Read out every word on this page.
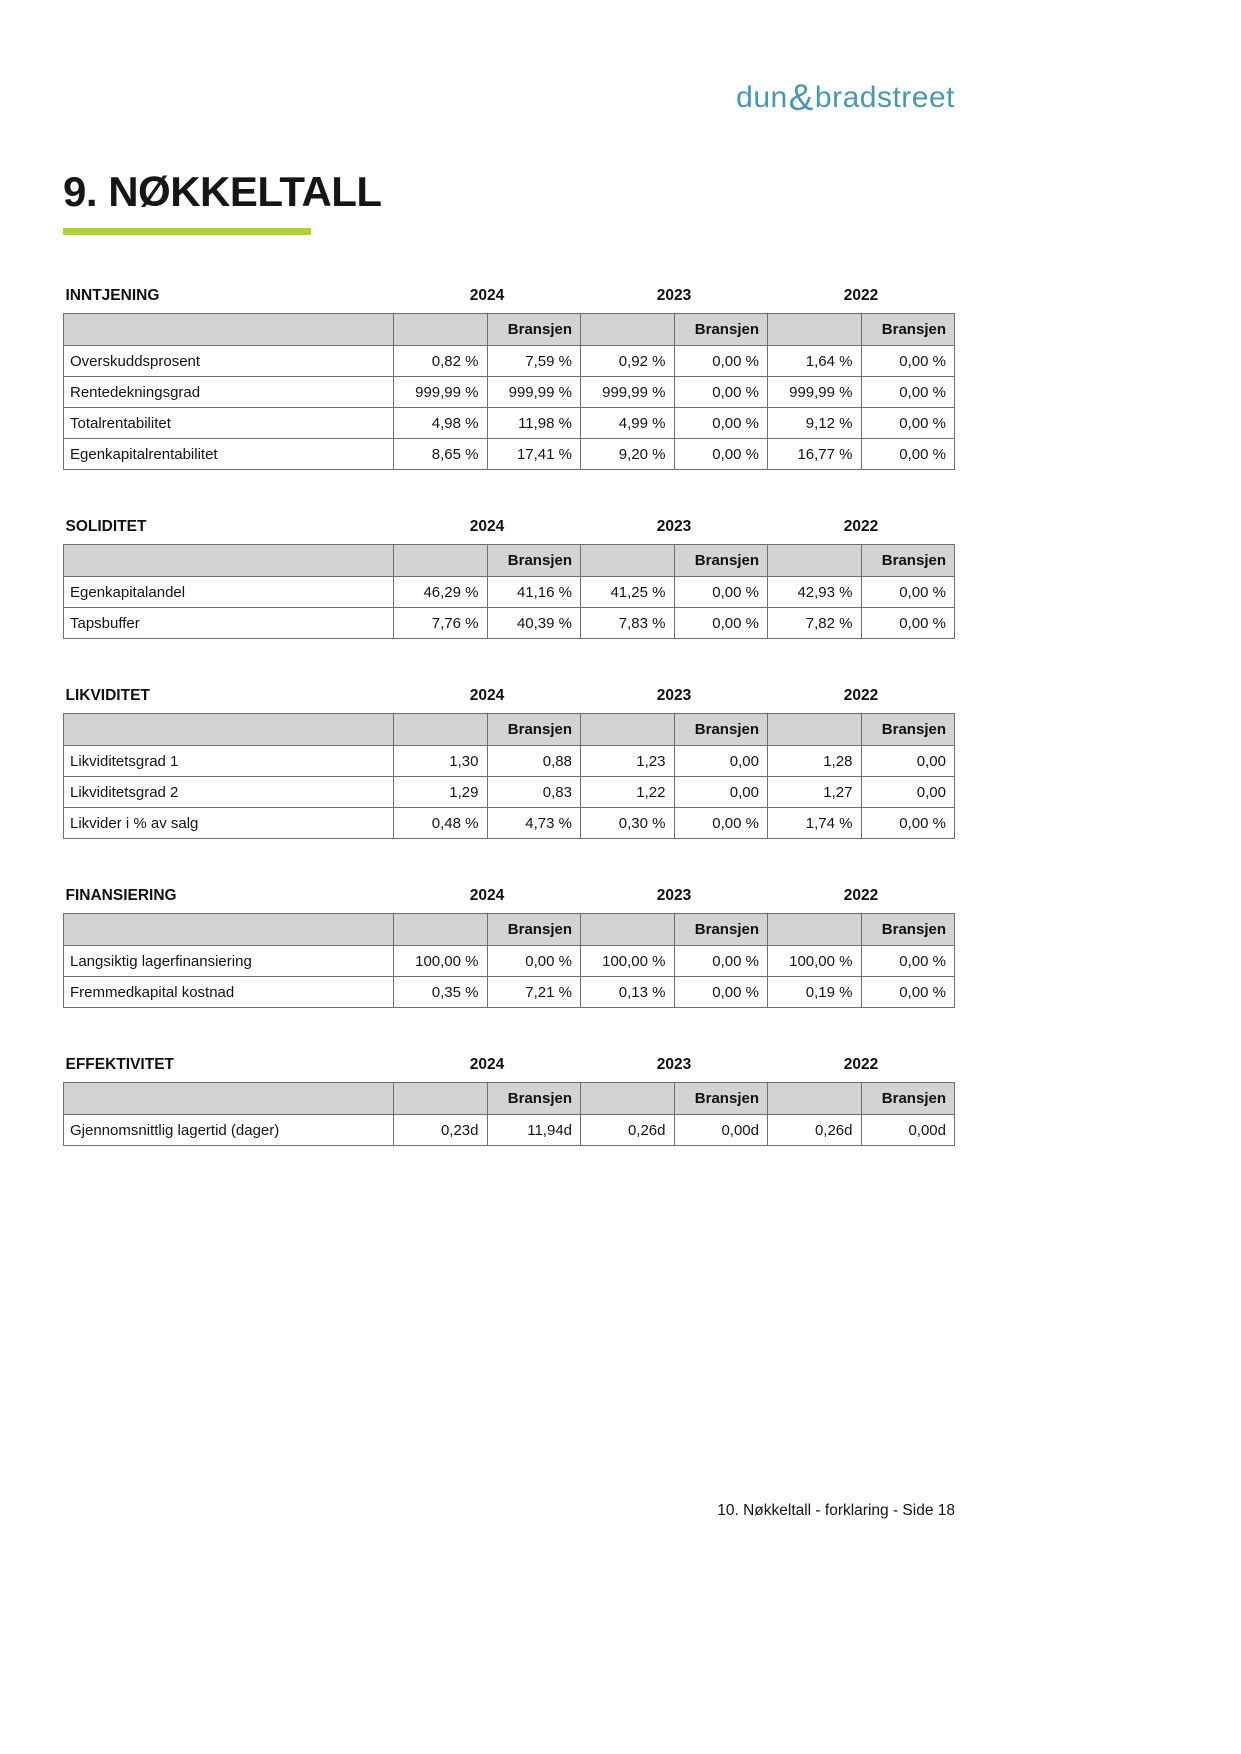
dun&bradstreet
9. NØKKELTALL
INNTJENING	2024		2023		2022	
		Bransjen		Bransjen		Bransjen
Overskuddsprosent	0,82 %	7,59 %	0,92 %	0,00 %	1,64 %	0,00 %
Rentedekningsgrad	999,99 %	999,99 %	999,99 %	0,00 %	999,99 %	0,00 %
Totalrentabilitet	4,98 %	11,98 %	4,99 %	0,00 %	9,12 %	0,00 %
Egenkapitalrentabilitet	8,65 %	17,41 %	9,20 %	0,00 %	16,77 %	0,00 %
SOLIDITET	2024		2023		2022	
		Bransjen		Bransjen		Bransjen
Egenkapitalandel	46,29 %	41,16 %	41,25 %	0,00 %	42,93 %	0,00 %
Tapsbuffer	7,76 %	40,39 %	7,83 %	0,00 %	7,82 %	0,00 %
LIKVIDITET	2024		2023		2022	
		Bransjen		Bransjen		Bransjen
Likviditetsgrad 1	1,30	0,88	1,23	0,00	1,28	0,00
Likviditetsgrad 2	1,29	0,83	1,22	0,00	1,27	0,00
Likvider i % av salg	0,48 %	4,73 %	0,30 %	0,00 %	1,74 %	0,00 %
FINANSIERING	2024		2023		2022	
		Bransjen		Bransjen		Bransjen
Langsiktig lagerfinansiering	100,00 %	0,00 %	100,00 %	0,00 %	100,00 %	0,00 %
Fremmedkapital kostnad	0,35 %	7,21 %	0,13 %	0,00 %	0,19 %	0,00 %
EFFEKTIVITET	2024		2023		2022	
		Bransjen		Bransjen		Bransjen
Gjennomsnittlig lagertid (dager)	0,23d	11,94d	0,26d	0,00d	0,26d	0,00d
10. Nøkkeltall - forklaring - Side 18
